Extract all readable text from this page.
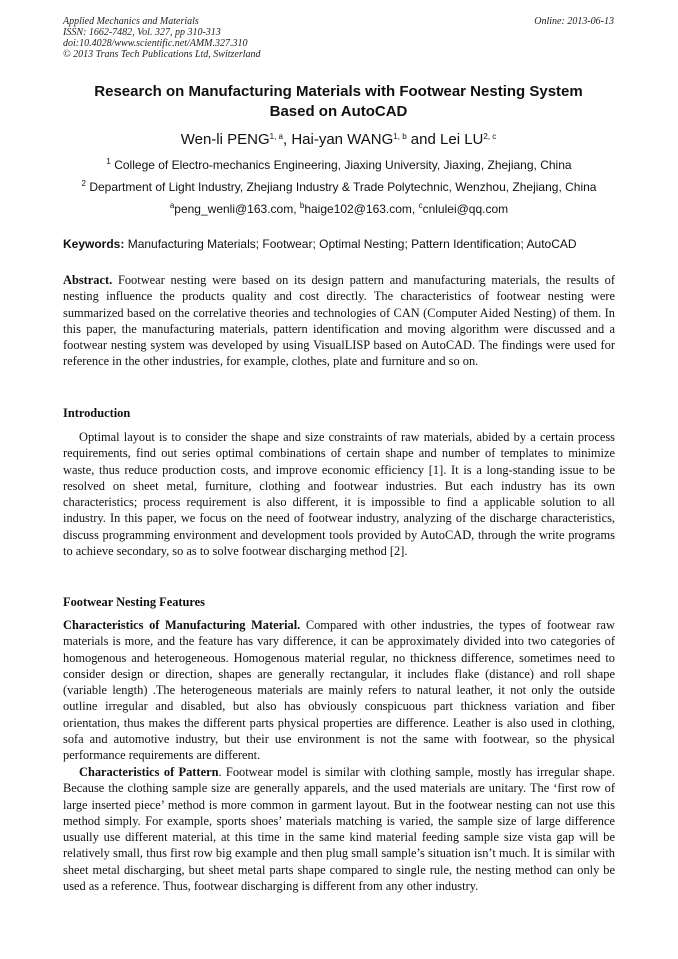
Applied Mechanics and Materials
ISSN: 1662-7482, Vol. 327, pp 310-313
doi:10.4028/www.scientific.net/AMM.327.310
© 2013 Trans Tech Publications Ltd, Switzerland
Online: 2013-06-13
Research on Manufacturing Materials with Footwear Nesting System
Based on AutoCAD
Wen-li PENG$^{1, a}$, Hai-yan WANG$^{1, b}$ and Lei LU$^{2, c}$
$^1$ College of Electro-mechanics Engineering, Jiaxing University, Jiaxing, Zhejiang, China
$^2$ Department of Light Industry, Zhejiang Industry & Trade Polytechnic, Wenzhou, Zhejiang, China
$^a$peng_wenli@163.com, $^b$haige102@163.com, $^c$cnlulei@qq.com
Keywords: Manufacturing Materials; Footwear; Optimal Nesting; Pattern Identification; AutoCAD
Abstract. Footwear nesting were based on its design pattern and manufacturing materials, the results of nesting influence the products quality and cost directly. The characteristics of footwear nesting were summarized based on the correlative theories and technologies of CAN (Computer Aided Nesting) of them. In this paper, the manufacturing materials, pattern identification and moving algorithm were discussed and a footwear nesting system was developed by using VisualLISP based on AutoCAD. The findings were used for reference in the other industries, for example, clothes, plate and furniture and so on.
Introduction
Optimal layout is to consider the shape and size constraints of raw materials, abided by a certain process requirements, find out series optimal combinations of certain shape and number of templates to minimize waste, thus reduce production costs, and improve economic efficiency [1]. It is a long-standing issue to be resolved on sheet metal, furniture, clothing and footwear industries. But each industry has its own characteristics; process requirement is also different, it is impossible to find a applicable solution to all industry. In this paper, we focus on the need of footwear industry, analyzing of the discharge characteristics, discuss programming environment and development tools provided by AutoCAD, through the write programs to achieve secondary, so as to solve footwear discharging method [2].
Footwear Nesting Features
Characteristics of Manufacturing Material. Compared with other industries, the types of footwear raw materials is more, and the feature has vary difference, it can be approximately divided into two categories of homogenous and heterogeneous. Homogenous material regular, no thickness difference, sometimes need to consider design or direction, shapes are generally rectangular, it includes flake (distance) and roll shape (variable length) .The heterogeneous materials are mainly refers to natural leather, it not only the outside outline irregular and disabled, but also has obviously conspicuous part thickness variation and fiber orientation, thus makes the different parts physical properties are difference. Leather is also used in clothing, sofa and automotive industry, but their use environment is not the same with footwear, so the physical performance requirements are different.
Characteristics of Pattern. Footwear model is similar with clothing sample, mostly has irregular shape. Because the clothing sample size are generally apparels, and the used materials are unitary. The ‘first row of large inserted piece’ method is more common in garment layout. But in the footwear nesting can not use this method simply. For example, sports shoes’ materials matching is varied, the sample size of large difference usually use different material, at this time in the same kind material feeding sample size vista gap will be relatively small, thus first row big example and then plug small sample’s situation isn’t much. It is similar with sheet metal discharging, but sheet metal parts shape compared to single rule, the nesting method can only be used as a reference. Thus, footwear discharging is different from any other industry.
